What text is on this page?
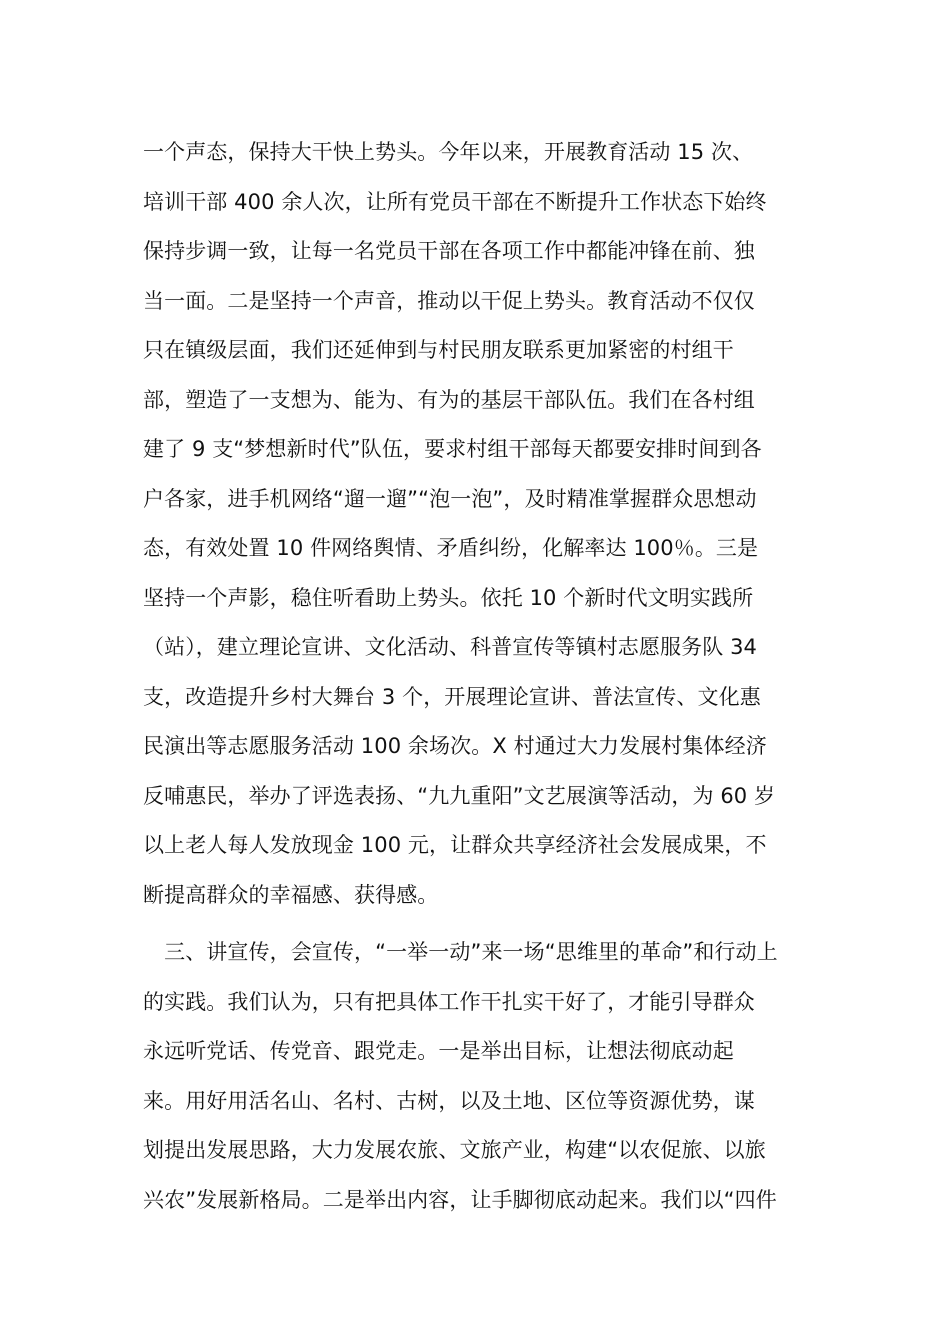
一个声态，保持大干快上势头。今年以来，开展教育活动 15 次、
培训干部 400 余人次，让所有党员干部在不断提升工作状态下始终
保持步调一致，让每一名党员干部在各项工作中都能冲锋在前、独
当一面。二是坚持一个声音，推动以干促上势头。教育活动不仅仅
只在镇级层面，我们还延伸到与村民朋友联系更加紧密的村组干
部，塑造了一支想为、能为、有为的基层干部队伍。我们在各村组
建了 9 支“梦想新时代”队伍，要求村组干部每天都要安排时间到各
户各家，进手机网络“遛一遛”“泡一泡”，及时精准掌握群众思想动
态，有效处置 10 件网络舆情、矛盾纠纷，化解率达 100％。三是
坚持一个声影，稳住听看助上势头。依托 10 个新时代文明实践所
（站），建立理论宣讲、文化活动、科普宣传等镇村志愿服务队 34
支，改造提升乡村大舞台 3 个，开展理论宣讲、普法宣传、文化惠
民演出等志愿服务活动 100 余场次。X 村通过大力发展村集体经济
反哺惠民，举办了评选表扬、“九九重阳”文艺展演等活动，为 60 岁
以上老人每人发放现金 100 元，让群众共享经济社会发展成果，不
断提高群众的幸福感、获得感。
　三、讲宣传，会宣传，“一举一动”来一场“思维里的革命”和行动上
的实践。我们认为，只有把具体工作干扎实干好了，才能引导群众
永远听党话、传党音、跟党走。一是举出目标，让想法彻底动起
来。用好用活名山、名村、古树，以及土地、区位等资源优势，谋
划提出发展思路，大力发展农旅、文旅产业，构建“以农促旅、以旅
兴农”发展新格局。二是举出内容，让手脚彻底动起来。我们以“四件
